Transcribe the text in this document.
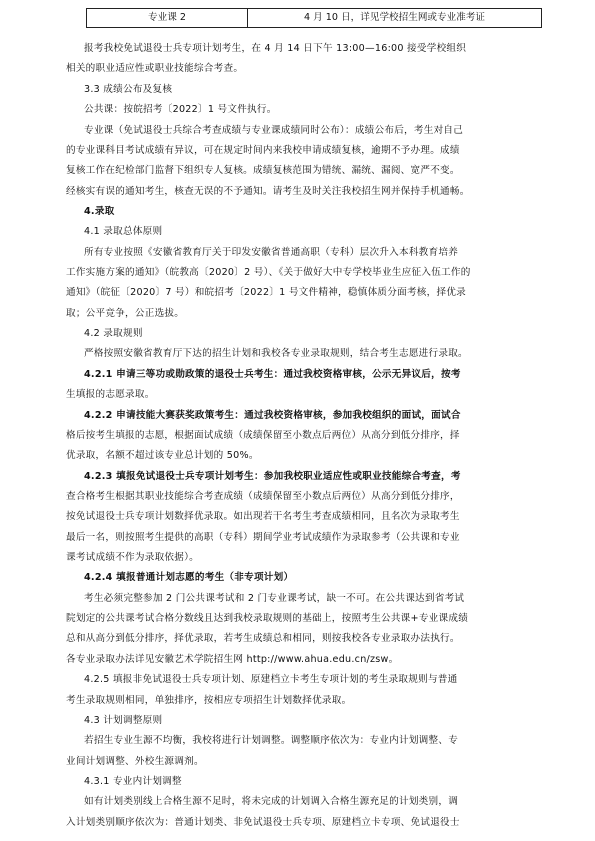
专业课 2	4 月 10 日，详见学校招生网或专业准考证
报考我校免试退役士兵专项计划考生，在 4 月 14 日下午 13:00—16:00 接受学校组织
相关的职业适应性或职业技能综合考查。
3.3 成绩公布及复核
公共课：按皖招考〔2022〕1 号文件执行。
专业课（免试退役士兵综合考查成绩与专业课成绩同时公布）：成绩公布后，考生对自己
的专业课科目考试成绩有异议，可在规定时间内来我校申请成绩复核，逾期不予办理。成绩
复核工作在纪检部门监督下组织专人复核。成绩复核范围为错统、漏统、漏阅、宽严不变。
经核实有误的通知考生，核查无误的不予通知。请考生及时关注我校招生网并保持手机通畅。
4.录取
4.1 录取总体原则
所有专业按照《安徽省教育厅关于印发安徽省普通高职（专科）层次升入本科教育培养
工作实施方案的通知》（皖教高〔2020〕2 号）、《关于做好大中专学校毕业生应征入伍工作的
通知》（皖征〔2020〕7 号）和皖招考〔2022〕1 号文件精神，稳慎体质分面考核，择优录
取；公平竞争，公正选拔。
4.2 录取规则
严格按照安徽省教育厅下达的招生计划和我校各专业录取规则，结合考生志愿进行录取。
4.2.1 申请三等功或勋政策的退役士兵考生：通过我校资格审核，公示无异议后，按考
生填报的志愿录取。
4.2.2 申请技能大赛获奖政策考生：通过我校资格审核，参加我校组织的面试，面试合
格后按考生填报的志愿，根据面试成绩（成绩保留至小数点后两位）从高分到低分排序，择
优录取，名额不超过该专业总计划的 50%。
4.2.3 填报免试退役士兵专项计划考生：参加我校职业适应性或职业技能综合考查，考
查合格考生根据其职业技能综合考查成绩（成绩保留至小数点后两位）从高分到低分排序，
按免试退役士兵专项计划数择优录取。如出现若干名考生考查成绩相同，且名次为录取考生
最后一名，则按照考生提供的高职（专科）期间学业考试成绩作为录取参考（公共课和专业
课考试成绩不作为录取依据）。
4.2.4 填报普通计划志愿的考生（非专项计划）
考生必须完整参加 2 门公共课考试和 2 门专业课考试，缺一不可。在公共课达到省考试
院划定的公共课考试合格分数线且达到我校录取规则的基础上，按照考生公共课+专业课成绩
总和从高分到低分排序，择优录取，若考生成绩总和相同，则按我校各专业录取办法执行。
各专业录取办法详见安徽艺术学院招生网 http://www.ahua.edu.cn/zsw。
4.2.5 填报非免试退役士兵专项计划、原建档立卡考生专项计划的考生录取规则与普通
考生录取规则相同，单独排序，按相应专项招生计划数择优录取。
4.3 计划调整原则
若招生专业生源不均衡，我校将进行计划调整。调整顺序依次为：专业内计划调整、专
业间计划调整、外校生源调剂。
4.3.1 专业内计划调整
如有计划类别线上合格生源不足时，将未完成的计划调入合格生源充足的计划类别，调
入计划类别顺序依次为：普通计划类、非免试退役士兵专项、原建档立卡专项、免试退役士
